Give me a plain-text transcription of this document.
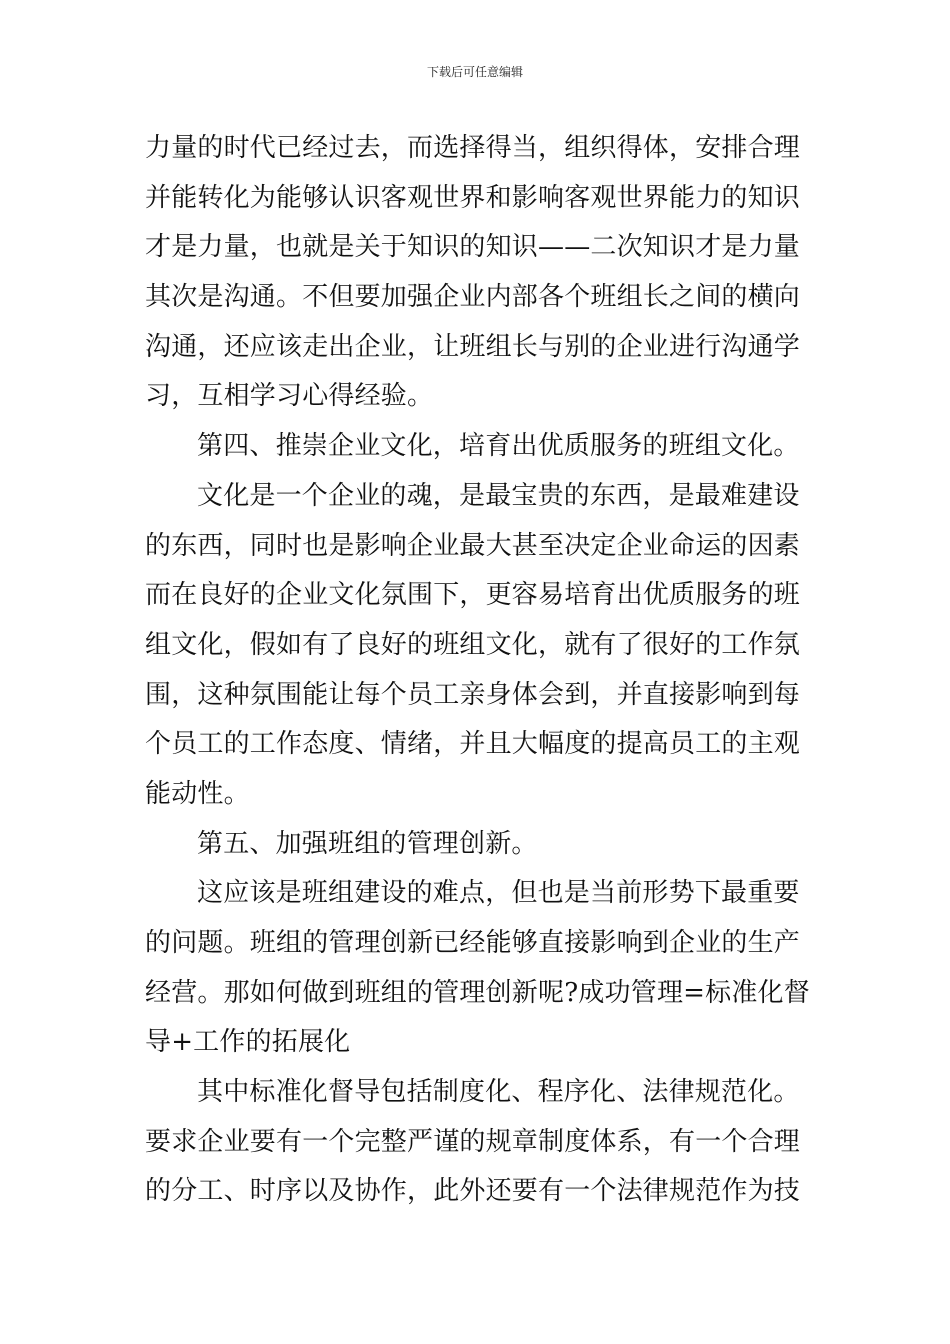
下载后可任意编辑
力量的时代已经过去，而选择得当，组织得体，安排合理
并能转化为能够认识客观世界和影响客观世界能力的知识
才是力量，也就是关于知识的知识——二次知识才是力量
其次是沟通。不但要加强企业内部各个班组长之间的横向
沟通，还应该走出企业，让班组长与别的企业进行沟通学
习，互相学习心得经验。
第四、推崇企业文化，培育出优质服务的班组文化。
文化是一个企业的魂，是最宝贵的东西，是最难建设
的东西，同时也是影响企业最大甚至决定企业命运的因素
而在良好的企业文化氛围下，更容易培育出优质服务的班
组文化，假如有了良好的班组文化，就有了很好的工作氛
围，这种氛围能让每个员工亲身体会到，并直接影响到每
个员工的工作态度、情绪，并且大幅度的提高员工的主观
能动性。
第五、加强班组的管理创新。
这应该是班组建设的难点，但也是当前形势下最重要
的问题。班组的管理创新已经能够直接影响到企业的生产
经营。那如何做到班组的管理创新呢?成功管理=标准化督
导+工作的拓展化
其中标准化督导包括制度化、程序化、法律规范化。
要求企业要有一个完整严谨的规章制度体系，有一个合理
的分工、时序以及协作，此外还要有一个法律规范作为技
